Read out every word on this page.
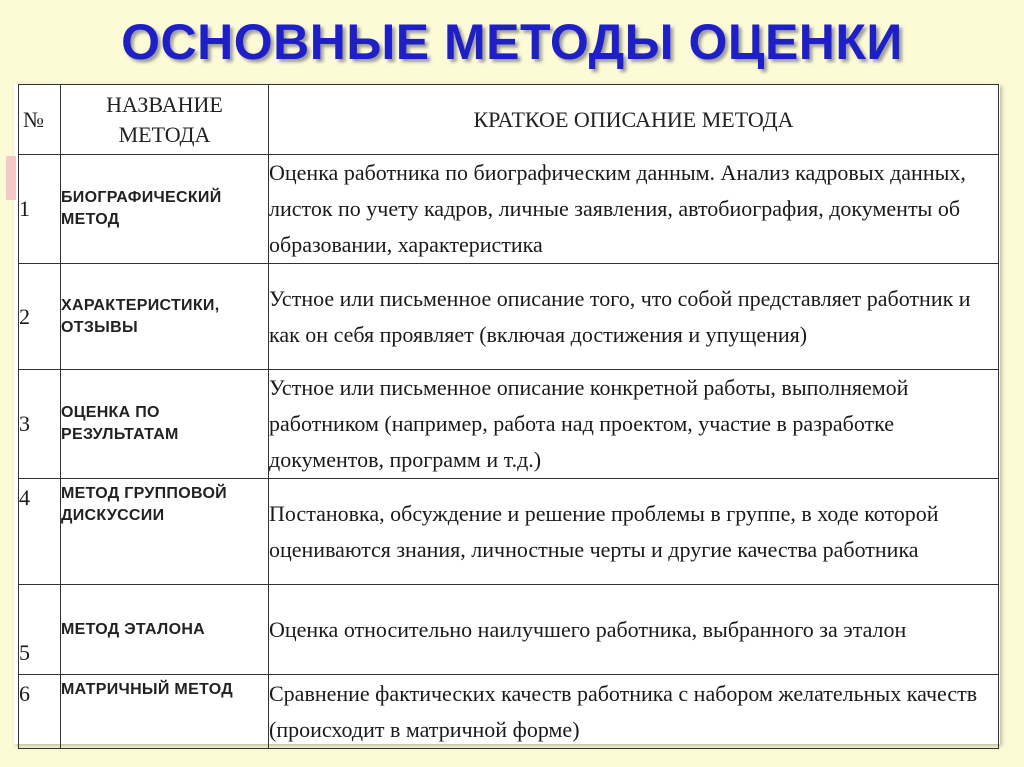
ОСНОВНЫЕ МЕТОДЫ ОЦЕНКИ
№	НАЗВАНИЕ МЕТОДА	КРАТКОЕ ОПИСАНИЕ МЕТОДА
1	БИОГРАФИЧЕСКИЙ МЕТОД	Оценка работника по биографическим данным. Анализ кадровых данных, листок по учету кадров, личные заявления, автобиография, документы об образовании, характеристика
2	ХАРАКТЕРИСТИКИ, ОТЗЫВЫ	Устное или письменное описание того, что собой представляет работник и как он себя проявляет (включая достижения и упущения)
3	ОЦЕНКА ПО РЕЗУЛЬТАТАМ	Устное или письменное описание конкретной работы, выполняемой работником (например, работа над проектом, участие в разработке документов, программ и т.д.)
4	МЕТОД ГРУППОВОЙ ДИСКУССИИ	Постановка, обсуждение и решение проблемы в группе, в ходе которой оцениваются знания, личностные черты и другие качества работника
5	МЕТОД ЭТАЛОНА	Оценка относительно наилучшего работника, выбранного за эталон
6	МАТРИЧНЫЙ МЕТОД	Сравнение фактических качеств работника с набором желательных качеств (происходит в матричной форме)
